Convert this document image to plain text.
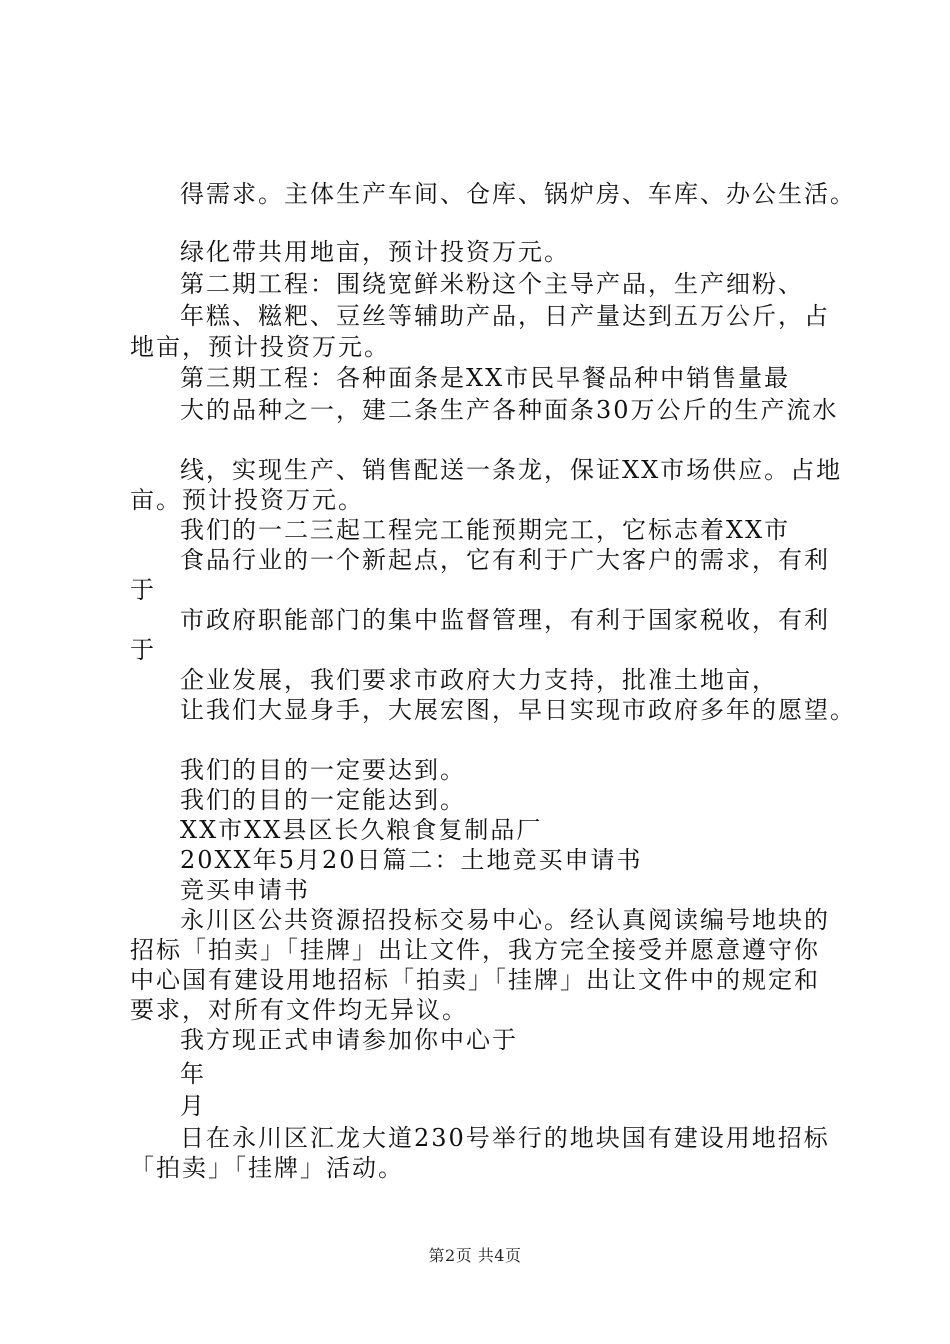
得需求。主体生产车间、仓库、锅炉房、车库、办公生活。
绿化带共用地亩，预计投资万元。
第二期工程：围绕宽鲜米粉这个主导产品，生产细粉、
年糕、糍粑、豆丝等辅助产品，日产量达到五万公斤，占
地亩，预计投资万元。
第三期工程：各种面条是XX市民早餐品种中销售量最
大的品种之一，建二条生产各种面条30万公斤的生产流水
线，实现生产、销售配送一条龙，保证XX市场供应。占地
亩。预计投资万元。
我们的一二三起工程完工能预期完工，它标志着XX市
食品行业的一个新起点，它有利于广大客户的需求，有利
于
市政府职能部门的集中监督管理，有利于国家税收，有利
于
企业发展，我们要求市政府大力支持，批准土地亩，
让我们大显身手，大展宏图，早日实现市政府多年的愿望。
我们的目的一定要达到。
我们的目的一定能达到。
XX市XX县区长久粮食复制品厂
20XX年5月20日篇二：土地竞买申请书
竞买申请书
永川区公共资源招投标交易中心。经认真阅读编号地块的
招标「拍卖」「挂牌」出让文件，我方完全接受并愿意遵守你
中心国有建设用地招标「拍卖」「挂牌」出让文件中的规定和
要求，对所有文件均无异议。
我方现正式申请参加你中心于
年
月
日在永川区汇龙大道230号举行的地块国有建设用地招标
「拍卖」「挂牌」活动。
第2页 共4页
